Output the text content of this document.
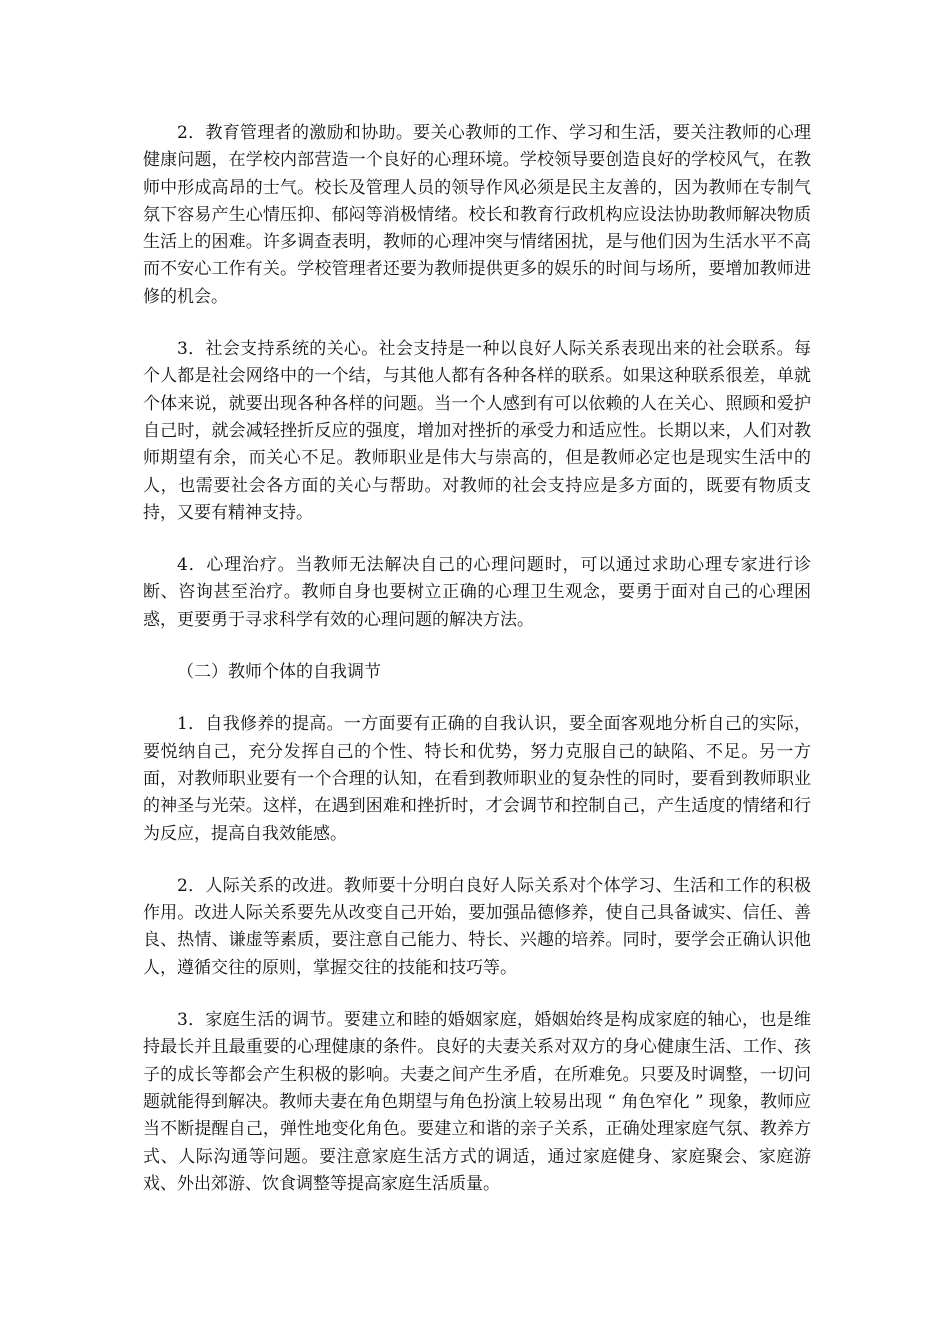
2．教育管理者的激励和协助。要关心教师的工作、学习和生活，要关注教师的心理健康问题，在学校内部营造一个良好的心理环境。学校领导要创造良好的学校风气，在教师中形成高昂的士气。校长及管理人员的领导作风必须是民主友善的，因为教师在专制气氛下容易产生心情压抑、郁闷等消极情绪。校长和教育行政机构应设法协助教师解决物质生活上的困难。许多调查表明，教师的心理冲突与情绪困扰，是与他们因为生活水平不高而不安心工作有关。学校管理者还要为教师提供更多的娱乐的时间与场所，要增加教师进修的机会。

3．社会支持系统的关心。社会支持是一种以良好人际关系表现出来的社会联系。每个人都是社会网络中的一个结，与其他人都有各种各样的联系。如果这种联系很差，单就个体来说，就要出现各种各样的问题。当一个人感到有可以依赖的人在关心、照顾和爱护自己时，就会减轻挫折反应的强度，增加对挫折的承受力和适应性。长期以来，人们对教师期望有余，而关心不足。教师职业是伟大与崇高的，但是教师必定也是现实生活中的人，也需要社会各方面的关心与帮助。对教师的社会支持应是多方面的，既要有物质支持，又要有精神支持。

4．心理治疗。当教师无法解决自己的心理问题时，可以通过求助心理专家进行诊断、咨询甚至治疗。教师自身也要树立正确的心理卫生观念，要勇于面对自己的心理困惑，更要勇于寻求科学有效的心理问题的解决方法。

（二）教师个体的自我调节

1．自我修养的提高。一方面要有正确的自我认识，要全面客观地分析自己的实际，要悦纳自己，充分发挥自己的个性、特长和优势，努力克服自己的缺陷、不足。另一方面，对教师职业要有一个合理的认知，在看到教师职业的复杂性的同时，要看到教师职业的神圣与光荣。这样，在遇到困难和挫折时，才会调节和控制自己，产生适度的情绪和行为反应，提高自我效能感。

2．人际关系的改进。教师要十分明白良好人际关系对个体学习、生活和工作的积极作用。改进人际关系要先从改变自己开始，要加强品德修养，使自己具备诚实、信任、善良、热情、谦虚等素质，要注意自己能力、特长、兴趣的培养。同时，要学会正确认识他人，遵循交往的原则，掌握交往的技能和技巧等。

3．家庭生活的调节。要建立和睦的婚姻家庭，婚姻始终是构成家庭的轴心，也是维持最长并且最重要的心理健康的条件。良好的夫妻关系对双方的身心健康生活、工作、孩子的成长等都会产生积极的影响。夫妻之间产生矛盾，在所难免。只要及时调整，一切问题就能得到解决。教师夫妻在角色期望与角色扮演上较易出现 “ 角色窄化 ” 现象，教师应当不断提醒自己，弹性地变化角色。要建立和谐的亲子关系，正确处理家庭气氛、教养方式、人际沟通等问题。要注意家庭生活方式的调适，通过家庭健身、家庭聚会、家庭游戏、外出郊游、饮食调整等提高家庭生活质量。
